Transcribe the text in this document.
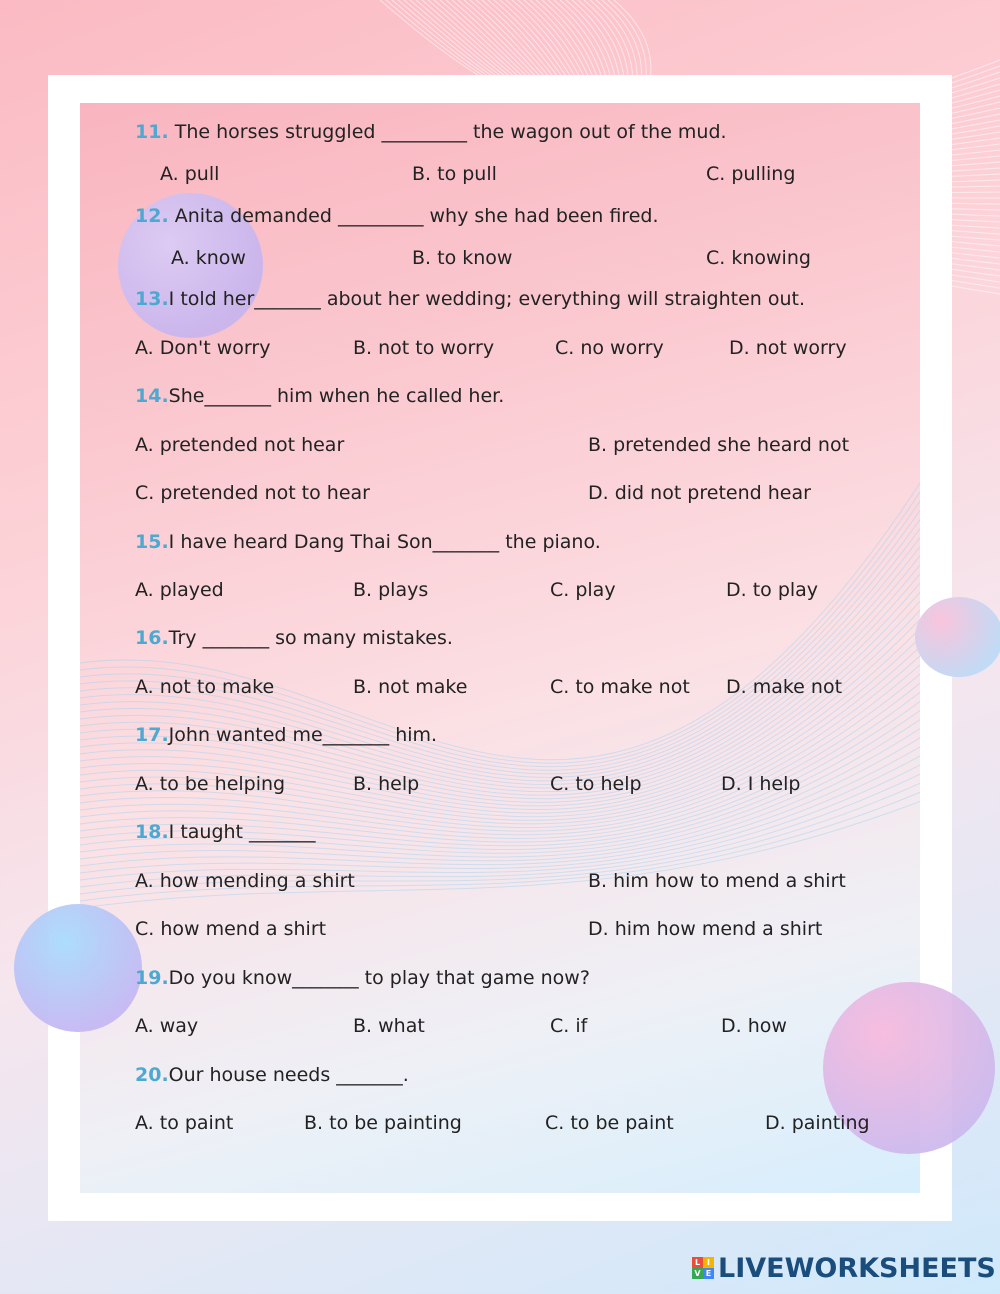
11. The horses struggled _________ the wagon out of the mud.
A. pull	B. to pull	C. pulling
12. Anita demanded _________ why she had been fired.
A. know	B. to know	C. knowing
13.I told her_______ about her wedding; everything will straighten out.
A. Don't worry	B. not to worry	C. no worry	D. not worry
14.She_______ him when he called her.
A. pretended not hear	B. pretended she heard not
C. pretended not to hear	D. did not pretend hear
15.I have heard Dang Thai Son_______ the piano.
A. played	B. plays	C. play	D. to play
16.Try _______ so many mistakes.
A. not to make	B. not make	C. to make not D. make not
17.John wanted me_______ him.
A. to be helping	B. help	C. to help	D. I help
18.I taught _______
A. how mending a shirt	B. him how to mend a shirt
C. how mend a shirt	D. him how mend a shirt
19.Do you know_______ to play that game now?
A. way	B. what	C. if	D. how
20.Our house needs _______.
A. to paint	B. to be painting	C. to be paint	D. painting
L I
V E LIVEWORKSHEETS
